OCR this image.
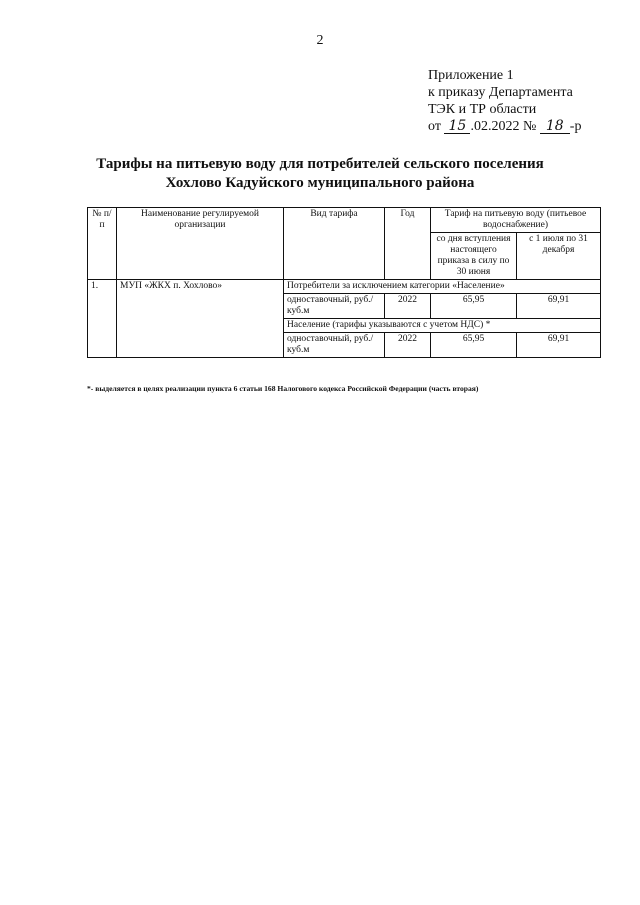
2
Приложение 1
к приказу Департамента
ТЭК и ТР области
от 15 .02.2022 № 18 -р
Тарифы на питьевую воду для потребителей сельского поселения
Хохлово Кадуйского муниципального района
№ п/п	Наименование регулируемой организации	Вид тарифа	Год	Тариф на питьевую воду (питьевое водоснабжение)	
				со дня вступления настоящего приказа в силу по 30 июня	с 1 июля по 31 декабря
1.	МУП «ЖКХ п. Хохлово»	Потребители за исключением категории «Население»			
		одноставочный, руб./куб.м	2022	65,95	69,91
		Население (тарифы указываются с учетом НДС) *			
		одноставочный, руб./куб.м	2022	65,95	69,91
*- выделяется в целях реализации пункта 6 статьи 168 Налогового кодекса Российской Федерации (часть вторая)
